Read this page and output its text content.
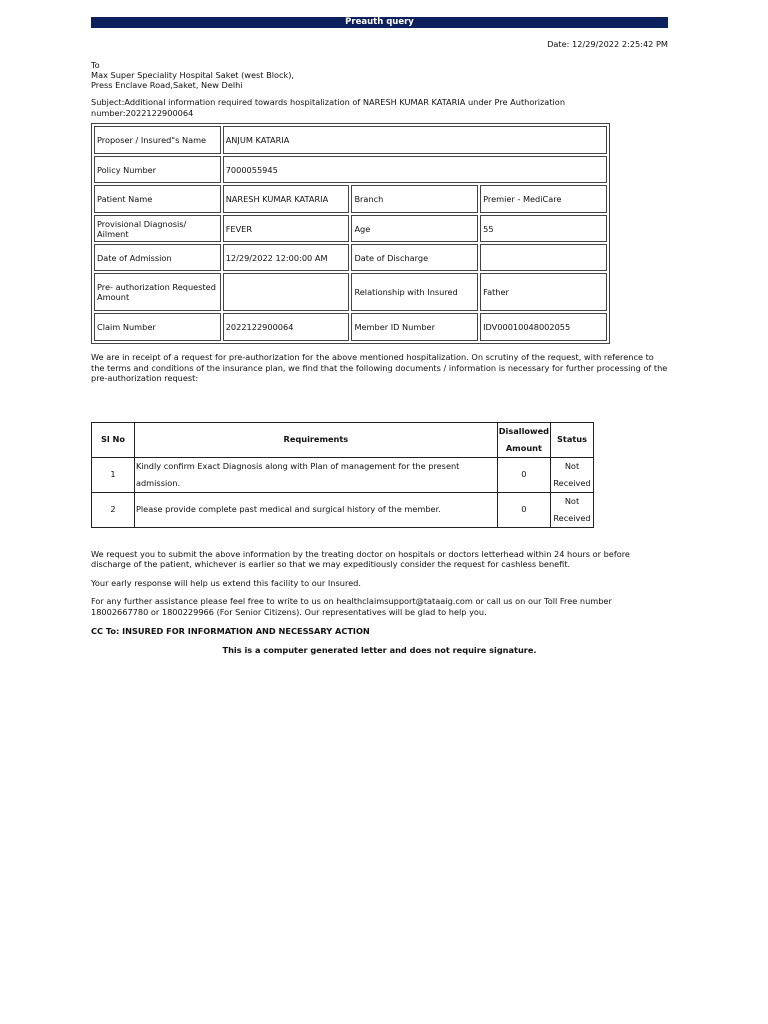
Preauth query
Date: 12/29/2022 2:25:42 PM
To
Max Super Speciality Hospital Saket (west Block),
Press Enclave Road,Saket, New Delhi
Subject:Additional information required towards hospitalization of NARESH KUMAR KATARIA under Pre Authorization number:2022122900064
Proposer / Insured"s Name	ANJUM KATARIA		
Policy Number	7000055945		
Patient Name	NARESH KUMAR KATARIA	Branch	Premier - MediCare
Provisional Diagnosis/ Ailment	FEVER	Age	55
Date of Admission	12/29/2022 12:00:00 AM	Date of Discharge	
Pre- authorization Requested Amount		Relationship with Insured	Father
Claim Number	2022122900064	Member ID Number	IDV00010048002055
We are in receipt of a request for pre-authorization for the above mentioned hospitalization. On scrutiny of the request, with reference to the terms and conditions of the insurance plan, we find that the following documents / information is necessary for further processing of the pre-authorization request:
Sl No	Requirements	Disallowed Amount	Status
1	Kindly confirm Exact Diagnosis along with Plan of management for the present admission.	0	Not Received
2	Please provide complete past medical and surgical history of the member.	0	Not Received
We request you to submit the above information by the treating doctor on hospitals or doctors letterhead within 24 hours or before discharge of the patient, whichever is earlier so that we may expeditiously consider the request for cashless benefit.
Your early response will help us extend this facility to our Insured.
For any further assistance please feel free to write to us on healthclaimsupport@tataaig.com or call us on our Toll Free number 18002667780 or 1800229966 (For Senior Citizens). Our representatives will be glad to help you.
CC To: INSURED FOR INFORMATION AND NECESSARY ACTION
This is a computer generated letter and does not require signature.
